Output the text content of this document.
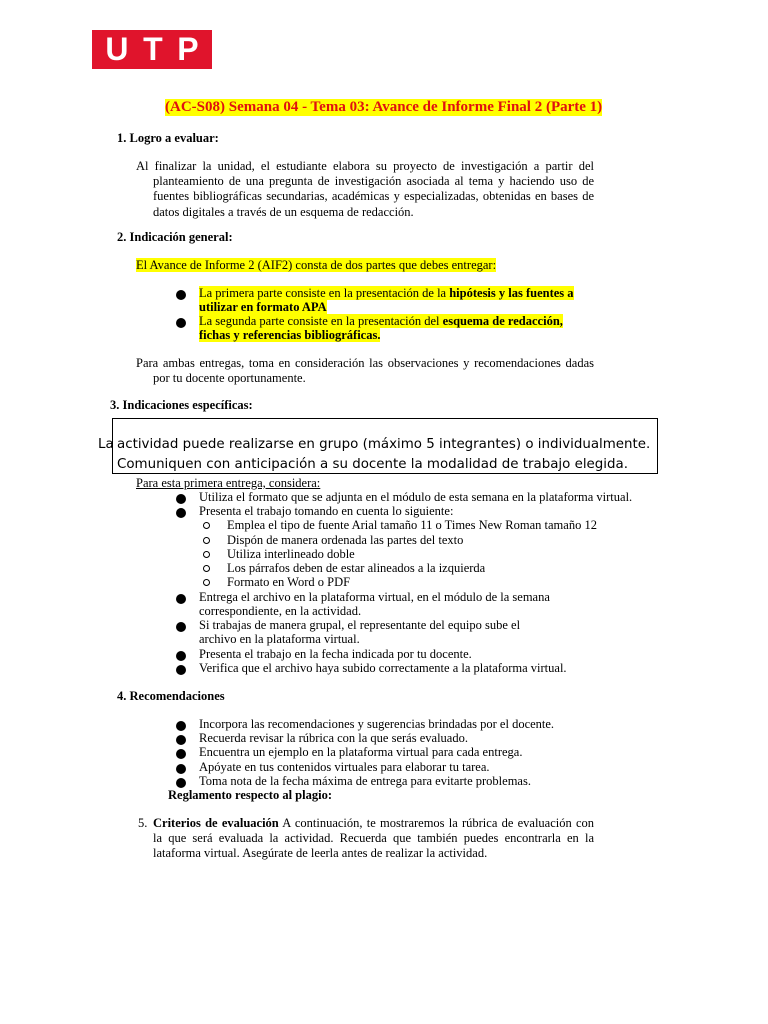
U T P
(AC-S08) Semana 04 - Tema 03: Avance de Informe Final 2 (Parte 1)
1. Logro a evaluar:

Al finalizar la unidad, el estudiante elabora su proyecto de investigación a partir del planteamiento de una pregunta de investigación asociada al tema y haciendo uso de fuentes bibliográficas secundarias, académicas y especializadas, obtenidas en bases de datos digitales a través de un esquema de redacción.

2. Indicación general:
El Avance de Informe 2 (AIF2) consta de dos partes que debes entregar:
La primera parte consiste en la presentación de la hipótesis y las fuentes a
utilizar en formato APA
La segunda parte consiste en la presentación del esquema de redacción,
fichas y referencias bibliográficas.

Para ambas entregas, toma en consideración las observaciones y recomendaciones dadas por tu docente oportunamente.

3. Indicaciones específicas:
La actividad puede realizarse en grupo (máximo 5 integrantes) o individualmente.
Comuniquen con anticipación a su docente la modalidad de trabajo elegida.
Para esta primera entrega, considera:
Utiliza el formato que se adjunta en el módulo de esta semana en la plataforma virtual.
Presenta el trabajo tomando en cuenta lo siguiente:
Emplea el tipo de fuente Arial tamaño 11 o Times New Roman tamaño 12
Dispón de manera ordenada las partes del texto
Utiliza interlineado doble
Los párrafos deben de estar alineados a la izquierda
Formato en Word o PDF
Entrega el archivo en la plataforma virtual, en el módulo de la semana
correspondiente, en la actividad.
Si trabajas de manera grupal, el representante del equipo sube el
archivo en la plataforma virtual.
Presenta el trabajo en la fecha indicada por tu docente.
Verifica que el archivo haya subido correctamente a la plataforma virtual.
4. Recomendaciones
Incorpora las recomendaciones y sugerencias brindadas por el docente.
Recuerda revisar la rúbrica con la que serás evaluado.
Encuentra un ejemplo en la plataforma virtual para cada entrega.
Apóyate en tus contenidos virtuales para elaborar tu tarea.
Toma nota de la fecha máxima de entrega para evitarte problemas.
Reglamento respecto al plagio:
5. Criterios de evaluación A continuación, te mostraremos la rúbrica de evaluación con la que será evaluada la actividad. Recuerda que también puedes encontrarla en la lataforma virtual. Asegúrate de leerla antes de realizar la actividad.
